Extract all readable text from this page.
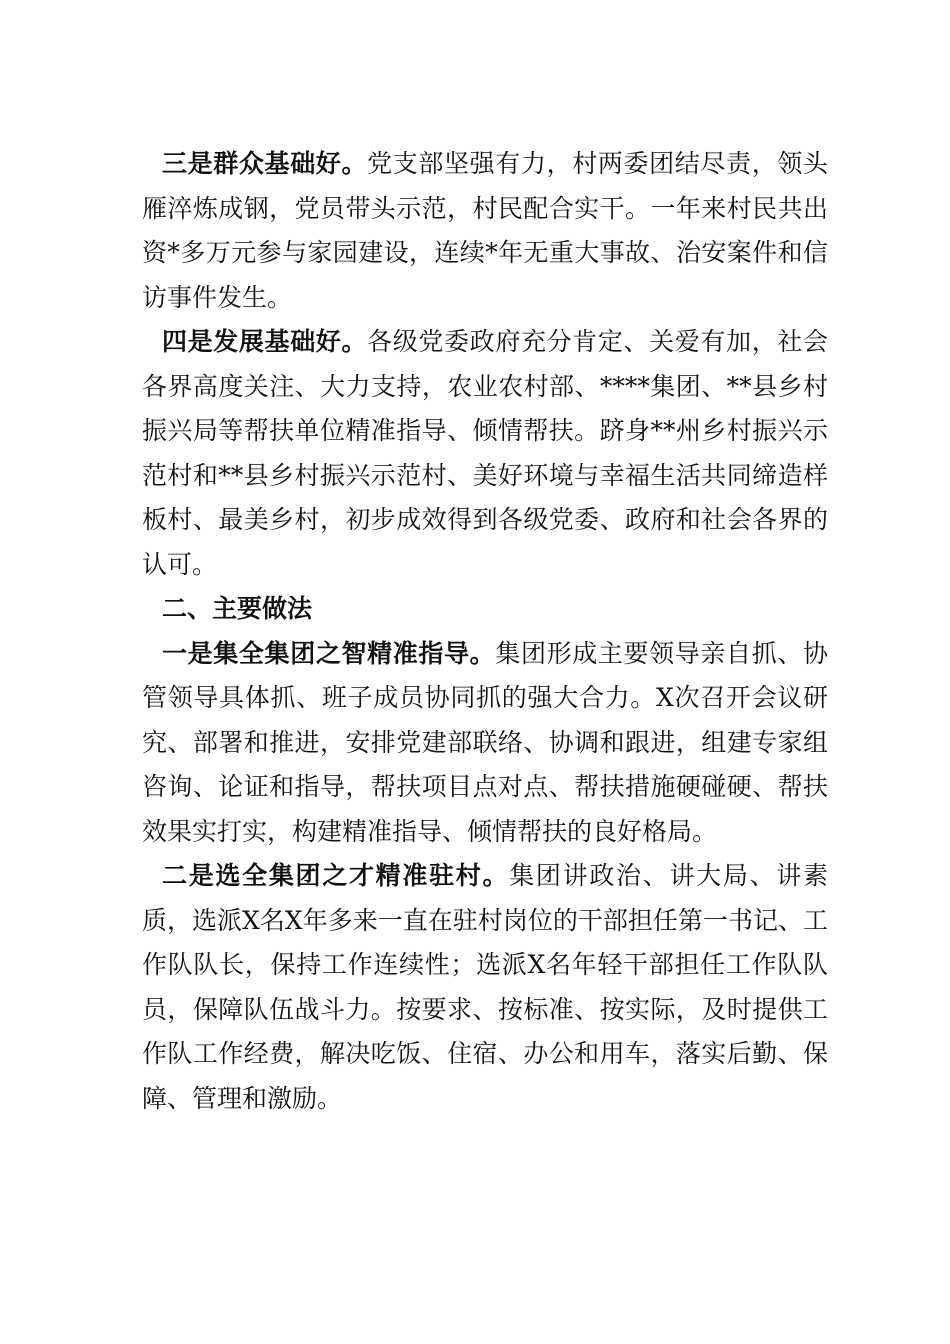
三是群众基础好。党支部坚强有力，村两委团结尽责，领头雁淬炼成钢，党员带头示范，村民配合实干。一年来村民共出资*多万元参与家园建设，连续*年无重大事故、治安案件和信访事件发生。

四是发展基础好。各级党委政府充分肯定、关爱有加，社会各界高度关注、大力支持，农业农村部、****集团、**县乡村振兴局等帮扶单位精准指导、倾情帮扶。跻身**州乡村振兴示范村和**县乡村振兴示范村、美好环境与幸福生活共同缔造样板村、最美乡村，初步成效得到各级党委、政府和社会各界的认可。

二、主要做法

一是集全集团之智精准指导。集团形成主要领导亲自抓、协管领导具体抓、班子成员协同抓的强大合力。X次召开会议研究、部署和推进，安排党建部联络、协调和跟进，组建专家组咨询、论证和指导，帮扶项目点对点、帮扶措施硬碰硬、帮扶效果实打实，构建精准指导、倾情帮扶的良好格局。

二是选全集团之才精准驻村。集团讲政治、讲大局、讲素质，选派X名X年多来一直在驻村岗位的干部担任第一书记、工作队队长，保持工作连续性；选派X名年轻干部担任工作队队员，保障队伍战斗力。按要求、按标准、按实际，及时提供工作队工作经费，解决吃饭、住宿、办公和用车，落实后勤、保障、管理和激励。
